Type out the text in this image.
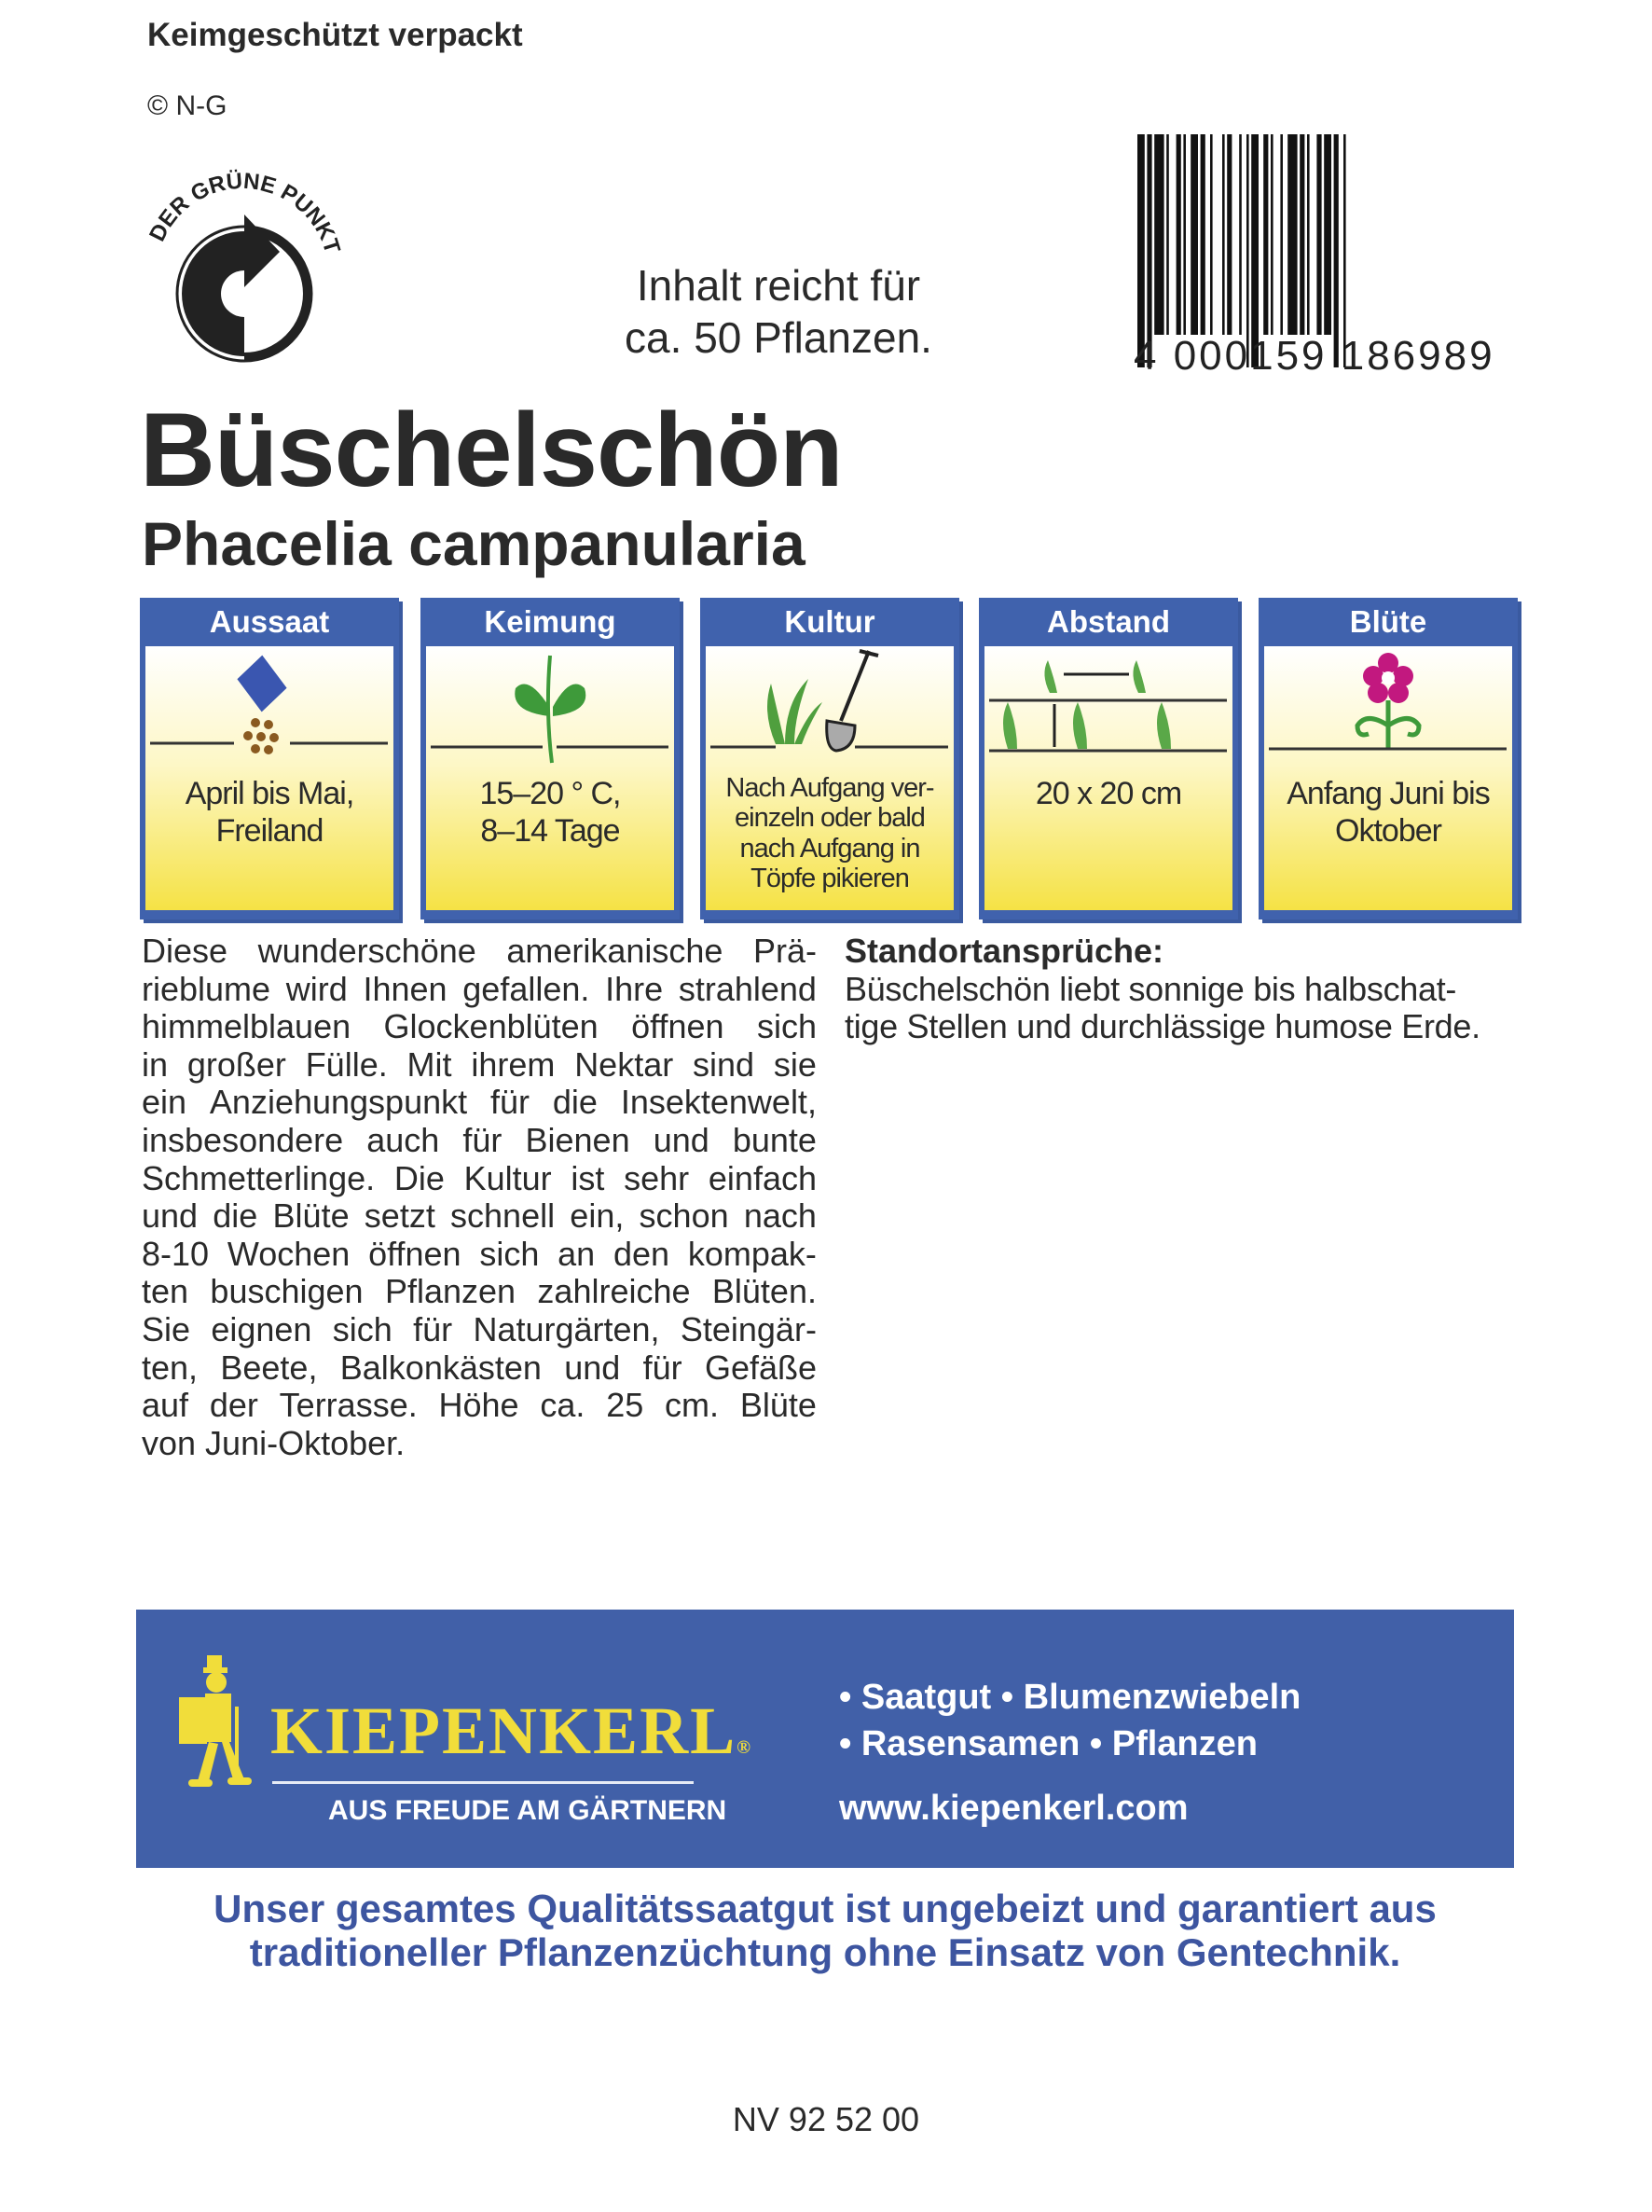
Keimgeschützt verpackt
© N-G
DER GRÜNE PUNKT
Inhalt reicht für
ca. 50 Pflanzen.	4 000159 186989
Büschelschön
Phacelia campanularia
Aussaat
April bis Mai,
Freiland
Keimung
15–20 ° C,
8–14 Tage
Kultur
Nach Aufgang ver-
einzeln oder bald
nach Aufgang in
Töpfe pikieren
Abstand
20 x 20 cm
Blüte
Anfang Juni bis
Oktober
Diese wunderschöne amerikanische Prä-
rieblume wird Ihnen gefallen. Ihre strahlend
himmelblauen Glockenblüten öffnen sich
in großer Fülle. Mit ihrem Nektar sind sie
ein Anziehungspunkt für die Insektenwelt,
insbesondere auch für Bienen und bunte
Schmetterlinge. Die Kultur ist sehr einfach
und die Blüte setzt schnell ein, schon nach
8-10 Wochen öffnen sich an den kompak-
ten buschigen Pflanzen zahlreiche Blüten.
Sie eignen sich für Naturgärten, Steingär-
ten, Beete, Balkonkästen und für Gefäße
auf der Terrasse. Höhe ca. 25 cm. Blüte
von Juni-Oktober.
Standortansprüche:
Büschelschön liebt sonnige bis halbschat-
tige Stellen und durchlässige humose Erde.
KIEPENKERL®
AUS FREUDE AM GÄRTNERN
• Saatgut • Blumenzwiebeln
• Rasensamen • Pflanzen
www.kiepenkerl.com
Unser gesamtes Qualitätssaatgut ist ungebeizt und garantiert aus
traditioneller Pflanzenzüchtung ohne Einsatz von Gentechnik.
NV 92 52 00
